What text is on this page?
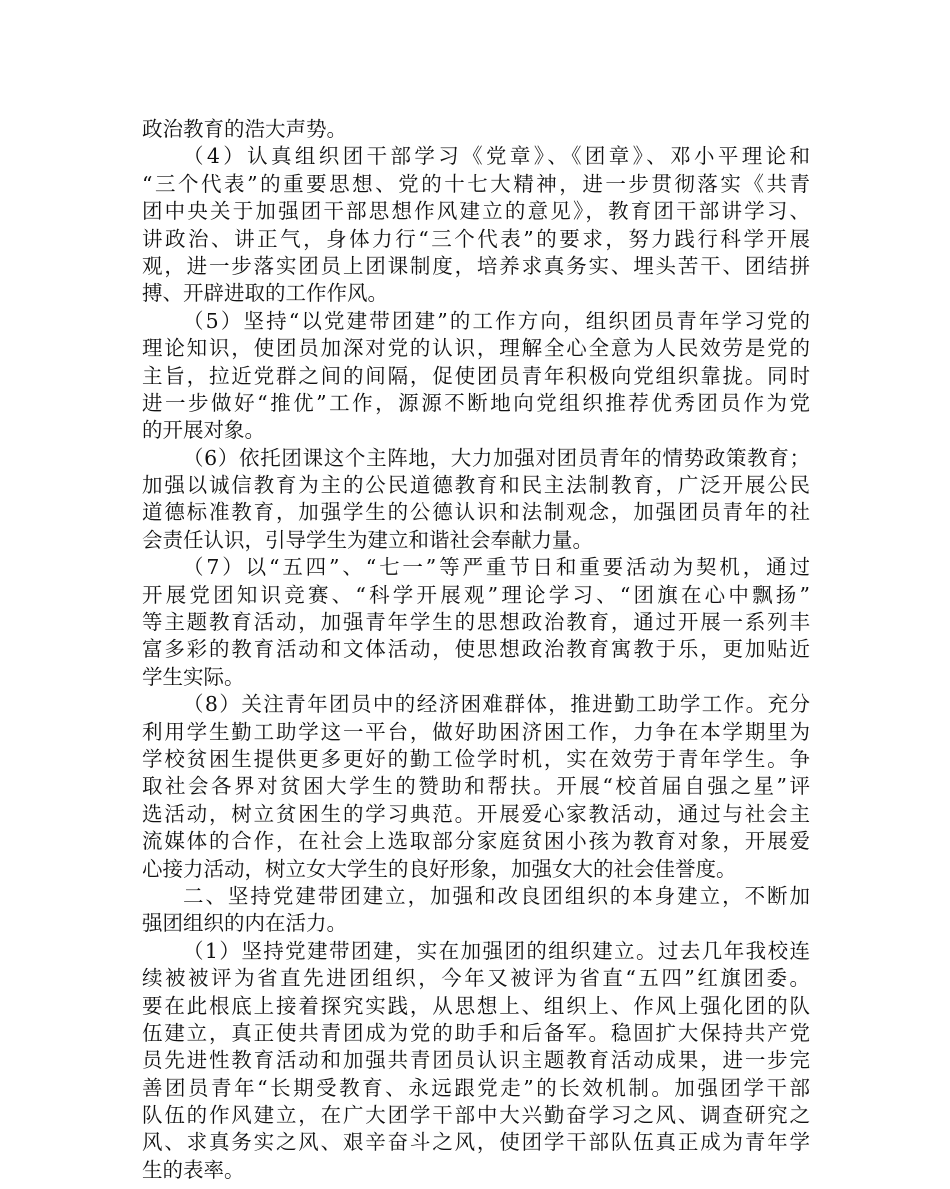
政治教育的浩大声势。
（4）认真组织团干部学习《党章》、《团章》、邓小平理论和
“三个代表”的重要思想、党的十七大精神，进一步贯彻落实《共青
团中央关于加强团干部思想作风建立的意见》，教育团干部讲学习、
讲政治、讲正气，身体力行“三个代表”的要求，努力践行科学开展
观，进一步落实团员上团课制度，培养求真务实、埋头苦干、团结拼
搏、开辟进取的工作作风。
（5）坚持“以党建带团建”的工作方向，组织团员青年学习党的
理论知识，使团员加深对党的认识，理解全心全意为人民效劳是党的
主旨，拉近党群之间的间隔，促使团员青年积极向党组织靠拢。同时
进一步做好“推优”工作，源源不断地向党组织推荐优秀团员作为党
的开展对象。
（6）依托团课这个主阵地，大力加强对团员青年的情势政策教育；
加强以诚信教育为主的公民道德教育和民主法制教育，广泛开展公民
道德标准教育，加强学生的公德认识和法制观念，加强团员青年的社
会责任认识，引导学生为建立和谐社会奉献力量。
（7）以“五四”、“七一”等严重节日和重要活动为契机，通过
开展党团知识竞赛、“科学开展观”理论学习、“团旗在心中飘扬”
等主题教育活动，加强青年学生的思想政治教育，通过开展一系列丰
富多彩的教育活动和文体活动，使思想政治教育寓教于乐，更加贴近
学生实际。
（8）关注青年团员中的经济困难群体，推进勤工助学工作。充分
利用学生勤工助学这一平台，做好助困济困工作，力争在本学期里为
学校贫困生提供更多更好的勤工俭学时机，实在效劳于青年学生。争
取社会各界对贫困大学生的赞助和帮扶。开展“校首届自强之星”评
选活动，树立贫困生的学习典范。开展爱心家教活动，通过与社会主
流媒体的合作，在社会上选取部分家庭贫困小孩为教育对象，开展爱
心接力活动，树立女大学生的良好形象，加强女大的社会佳誉度。
二、坚持党建带团建立，加强和改良团组织的本身建立，不断加
强团组织的内在活力。
（1）坚持党建带团建，实在加强团的组织建立。过去几年我校连
续被被评为省直先进团组织，今年又被评为省直“五四”红旗团委。
要在此根底上接着探究实践，从思想上、组织上、作风上强化团的队
伍建立，真正使共青团成为党的助手和后备军。稳固扩大保持共产党
员先进性教育活动和加强共青团员认识主题教育活动成果，进一步完
善团员青年“长期受教育、永远跟党走”的长效机制。加强团学干部
队伍的作风建立，在广大团学干部中大兴勤奋学习之风、调查研究之
风、求真务实之风、艰辛奋斗之风，使团学干部队伍真正成为青年学
生的表率。
